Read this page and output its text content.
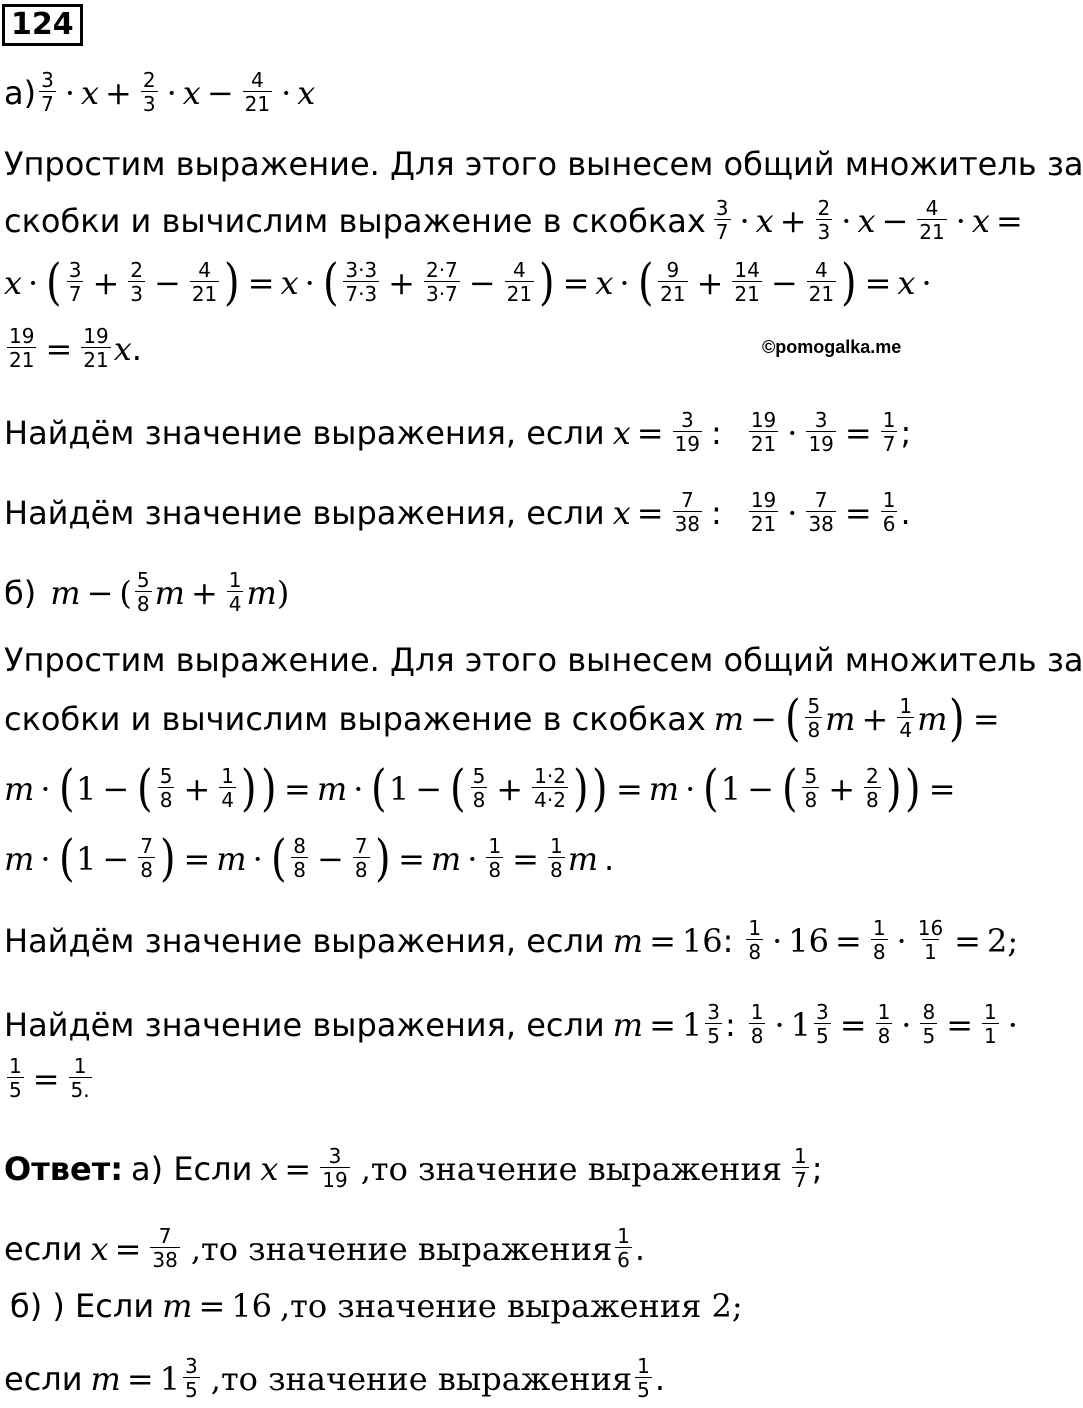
124
а) 3
$7 \cdot x + \frac{2}{3} \cdot x - \frac{4}{21} \cdot x$
Упростим выражение. Для этого вынесем общий множитель за
скобки и вычислим выражение в скобках 3
$7 \cdot x + \frac{2}{3} \cdot x - \frac{4}{21} \cdot x$ =
x · ( 3
$7 + \frac{2}{3} - \frac{4}{21}$ ) = x · ( 3·3
$7\cdot 3 + \frac{2\cdot 7}{3\cdot 7} - \frac{4}{21}$ ) = x · ( 9
$21 + \frac{14}{21} - \frac{4}{21}$ ) = x ·
$\frac{19}{21} = \frac{19}{21}$ x .	©pomogalka.me
Найдём значение выражения, если $x = \frac{3}{19}$ : 19
$21 \cdot \frac{3}{19} = \frac{1}{7}$ ;
Найдём значение выражения, если $x = \frac{7}{38}$ : 19
$21 \cdot \frac{7}{38} = \frac{1}{6}$ .
б) m − ( 5
8 $m + \frac{1}{4}$ m )
Упростим выражение. Для этого вынесем общий множитель за
скобки и вычислим выражение в скобках m − ( 5
8 $m + \frac{1}{4}$ m ) =
m · ( 1 − ( 5
$8 + \frac{1}{4}$ ) ) = m · ( 1 − ( 5
$8 + \frac{1\cdot 2}{4\cdot 2}$ ) ) = m · ( 1 − ( 5
$8 + \frac{2}{8}$ ) ) =
m · ( $1 - \frac{7}{8}$ ) = m · ( 8
$8 - \frac{7}{8}$ ) = $m \cdot \frac{1}{8} = \frac{1}{8}$ m .
Найдём значение выражения, если m = 16 : 1
$8 \cdot 16 = \frac{1}{8} \cdot \frac{16}{1} = 2$;
Найдём значение выражения, если m = 1 3
5 : 1
$8 \cdot 1 \frac{3}{5} = \frac{1}{8} \cdot \frac{8}{5} = \frac{1}{1}$ ·
$\frac{1}{5} = \frac{1}{5.}$
Ответ: а) Если $x = \frac{3}{19} ,то$ значение выражения 1
7 ;
если $x = \frac{7}{38} ,то$ значение выражения 1
6 .
б) ) Если m = 16 ,то значение выражения 2;
если m = 1 3
5 ,то значение выражения 1
5 .
